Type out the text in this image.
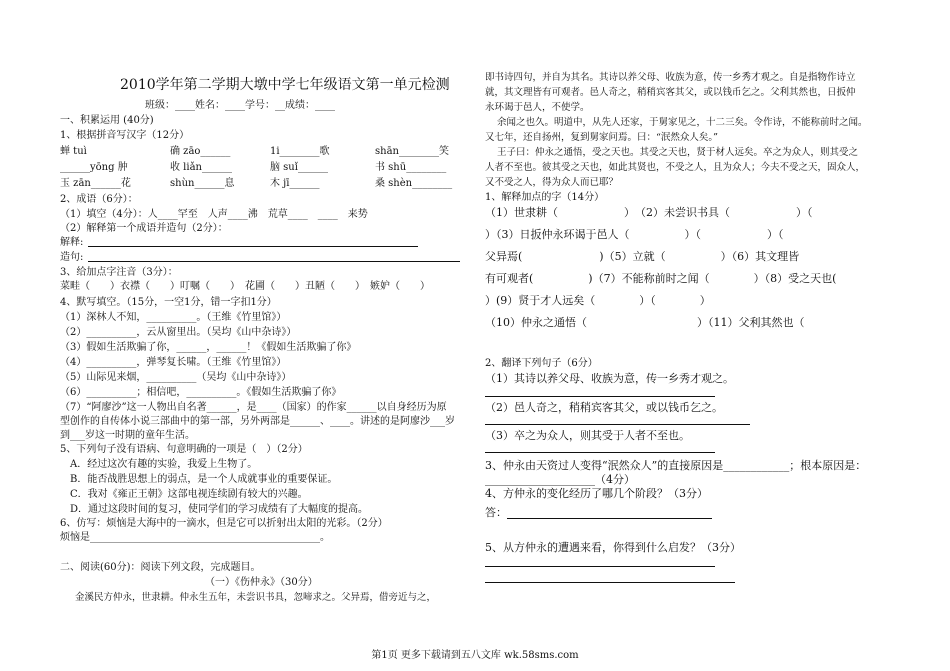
2010学年第二学期大墩中学七年级语文第一单元检测
班级：____姓名：____学号：__成绩：____
一、积累运用 (40分)
1、根据拼音写汉字（12分）
蝉 tuì	确 zāo______	1i________歌	shān________笑
______yōng 肿	收 liǎn______	脑 suǐ______	书 shū________
玉 zān______花	shùn______息	木 jī______	桑 shèn________
2、成语（6分）：
（1）填空（4分）：人____罕至　人声____沸　荒草____　____　来势
（2）解释第一个成语并造句（2分）：
解释:
造句:
3、给加点字注音（3分）：
菜畦（　　）衣襟（　　）叮嘱（　　）　花圃（　　）丑陋（　　）　嫉妒（　　）
4、默写填空。（15分，一空1分，错一字扣1分）
（1）深林人不知，__________。（王维《竹里馆》）
（2）__________，云从窗里出。（吴均《山中杂诗》）
（3）假如生活欺骗了你，______，______！《假如生活欺骗了你》
（4）__________，弹琴复长啸。（王维《竹里馆》）
（5）山际见来烟，__________（吴均《山中杂诗》）
（6）__________；相信吧，__________。《假如生活欺骗了你》
（7）“阿廖沙”这一人物出自名著______，是____（国家）的作家______以自身经历为原
型创作的自传体小说三部曲中的第一部，另外两部是______、____。讲述的是阿廖沙___岁
到___岁这一时期的童年生活。
5、下列句子没有语病、句意明确的一项是（　）（2分）
A．经过这次有趣的实验，我爱上生物了。
B．能否战胜思想上的弱点，是一个人成就事业的重要保证。
C．我对《雍正王朝》这部电视连续剧有较大的兴趣。
D．通过这段时间的复习，使同学们的学习成绩有了大幅度的提高。
6、仿写：烦恼是大海中的一滴水，但是它可以折射出太阳的光彩。（2分）
烦恼是______________________________________________。
二、阅读(60分)：阅读下列文段，完成题目。
（一）《伤仲永》（30分）
金溪民方仲永，世隶耕。仲永生五年，未尝识书具，忽啼求之。父异焉，借旁近与之，
即书诗四句，并自为其名。其诗以养父母、收族为意，传一乡秀才观之。自是指物作诗立
就，其文理皆有可观者。邑人奇之，稍稍宾客其父，或以钱币乞之。父利其然也，日扳仲
永环谒于邑人，不使学。
余闻之也久。明道中，从先人还家，于舅家见之，十二三矣。令作诗，不能称前时之闻。
又七年，还自扬州，复到舅家问焉。曰：“泯然众人矣。”
王子曰：仲永之通悟，受之天也。其受之天也，贤于材人远矣。卒之为众人，则其受之
人者不至也。彼其受之天也，如此其贤也，不受之人，且为众人；今夫不受之天，固众人，
又不受之人，得为众人而已耶？
1、解释加点的字（14分）
（1）世隶耕（　　　　　　）　（2）未尝识书具（　　　　　　）（
）（3）日扳仲永环谒于邑人（　　　　　）（　　　　　　）（
父异焉(　　　　　　　)（5）立就（　　　　　）（6）其文理皆
有可观者(　　　　　)（7）不能称前时之闻（　　　　）（8）受之天也(
）(9）贤于才人远矣（　　　　）（　　　　）
（10）仲永之通悟（　　　　　　　　　　）（11）父利其然也（
2、翻译下列句子（6分）
（1）其诗以养父母、收族为意，传一乡秀才观之。
（2）邑人奇之，稍稍宾客其父，或以钱币乞之。
（3）卒之为众人，则其受于人者不至也。
3、仲永由天资过人变得“泯然众人”的直接原因是____________；根本原因是：
____________________（4分）
4、方仲永的变化经历了哪几个阶段？（3分）
答：
5、从方仲永的遭遇来看，你得到什么启发？（3分）
第1页 更多下载请到五八文库 wk.58sms.com
